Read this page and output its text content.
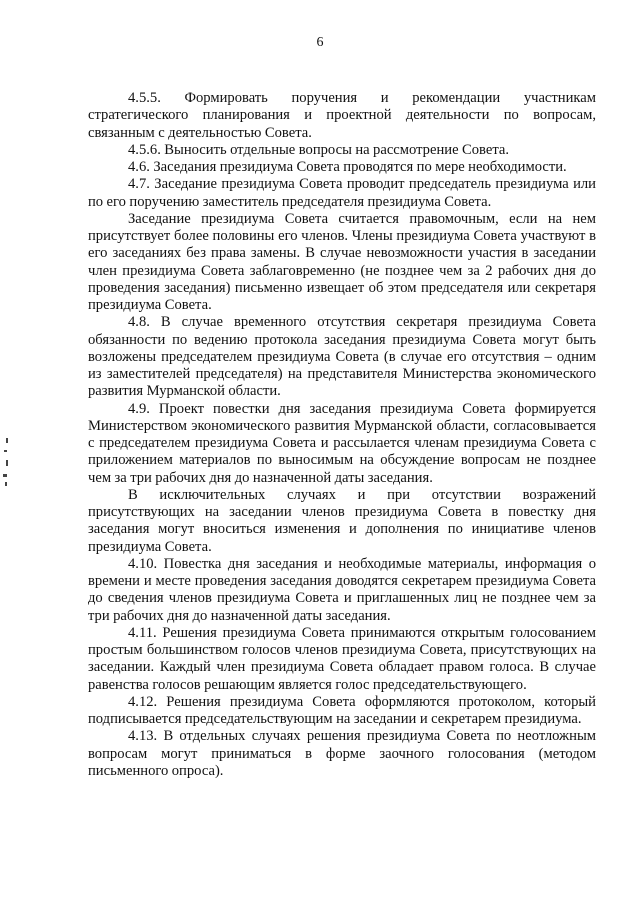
6

4.5.5. Формировать поручения и рекомендации участникам стратегического планирования и проектной деятельности по вопросам, связанным с деятельностью Совета.

4.5.6. Выносить отдельные вопросы на рассмотрение Совета.

4.6. Заседания президиума Совета проводятся по мере необходимости.

4.7. Заседание президиума Совета проводит председатель президиума или по его поручению заместитель председателя президиума Совета.

Заседание президиума Совета считается правомочным, если на нем присутствует более половины его членов. Члены президиума Совета участвуют в его заседаниях без права замены. В случае невозможности участия в заседании член президиума Совета заблаговременно (не позднее чем за 2 рабочих дня до проведения заседания) письменно извещает об этом председателя или секретаря президиума Совета.

4.8. В случае временного отсутствия секретаря президиума Совета обязанности по ведению протокола заседания президиума Совета могут быть возложены председателем президиума Совета (в случае его отсутствия – одним из заместителей председателя) на представителя Министерства экономического развития Мурманской области.

4.9. Проект повестки дня заседания президиума Совета формируется Министерством экономического развития Мурманской области, согласовывается с председателем президиума Совета и рассылается членам президиума Совета с приложением материалов по выносимым на обсуждение вопросам не позднее чем за три рабочих дня до назначенной даты заседания.

В исключительных случаях и при отсутствии возражений присутствующих на заседании членов президиума Совета в повестку дня заседания могут вноситься изменения и дополнения по инициативе членов президиума Совета.

4.10. Повестка дня заседания и необходимые материалы, информация о времени и месте проведения заседания доводятся секретарем президиума Совета до сведения членов президиума Совета и приглашенных лиц не позднее чем за три рабочих дня до назначенной даты заседания.

4.11. Решения президиума Совета принимаются открытым голосованием простым большинством голосов членов президиума Совета, присутствующих на заседании. Каждый член президиума Совета обладает правом голоса. В случае равенства голосов решающим является голос председательствующего.

4.12. Решения президиума Совета оформляются протоколом, который подписывается председательствующим на заседании и секретарем президиума.

4.13. В отдельных случаях решения президиума Совета по неотложным вопросам могут приниматься в форме заочного голосования (методом письменного опроса).
